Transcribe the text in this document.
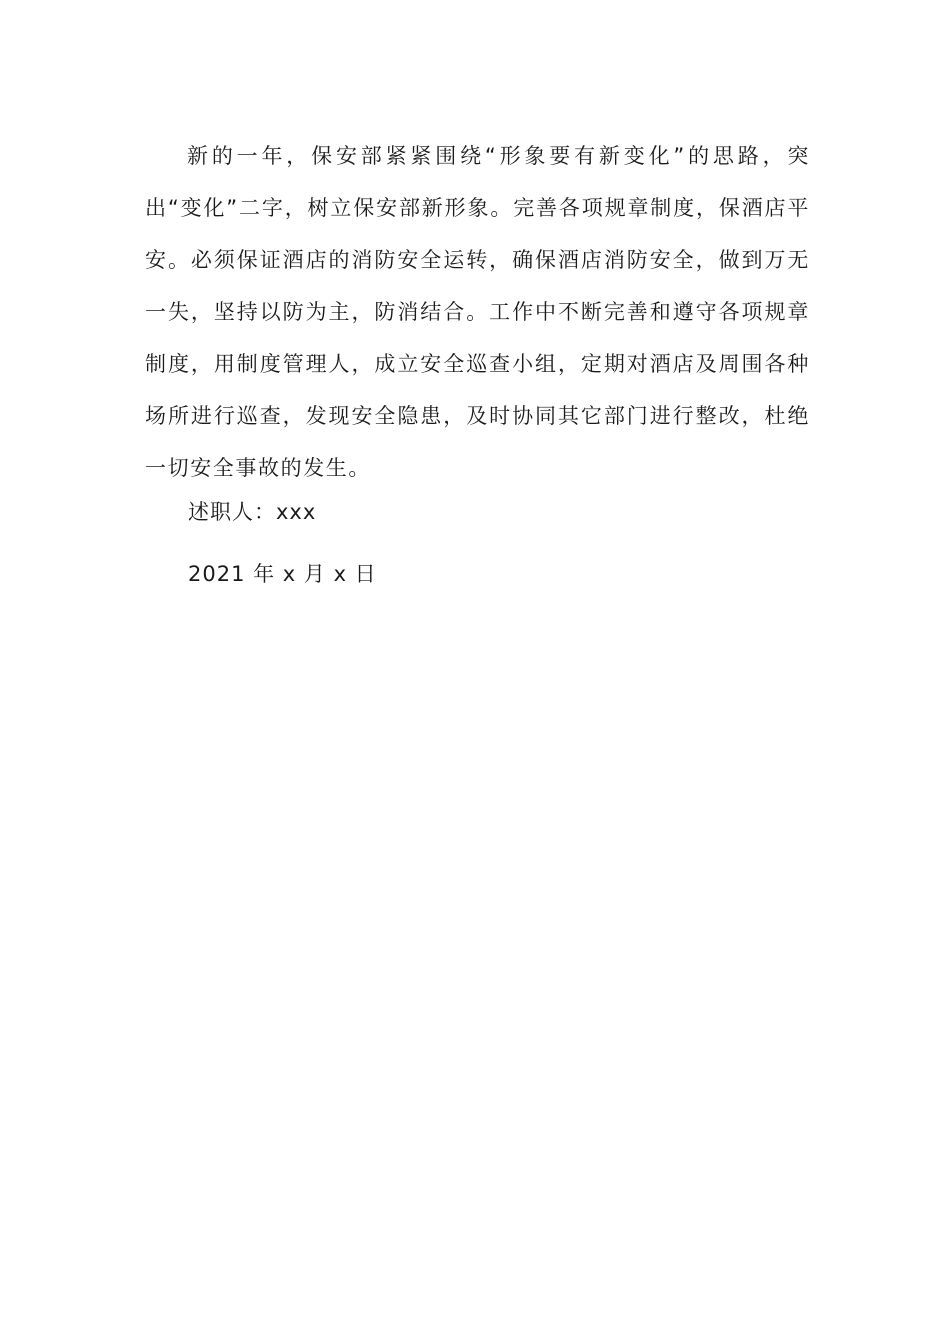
新的一年，保安部紧紧围绕“形象要有新变化”的思路，突出“变化”二字，树立保安部新形象。完善各项规章制度，保酒店平安。必须保证酒店的消防安全运转，确保酒店消防安全，做到万无一失，坚持以防为主，防消结合。工作中不断完善和遵守各项规章制度，用制度管理人，成立安全巡查小组，定期对酒店及周围各种场所进行巡查，发现安全隐患，及时协同其它部门进行整改，杜绝一切安全事故的发生。

述职人：xxx

2021 年 x 月 x 日
